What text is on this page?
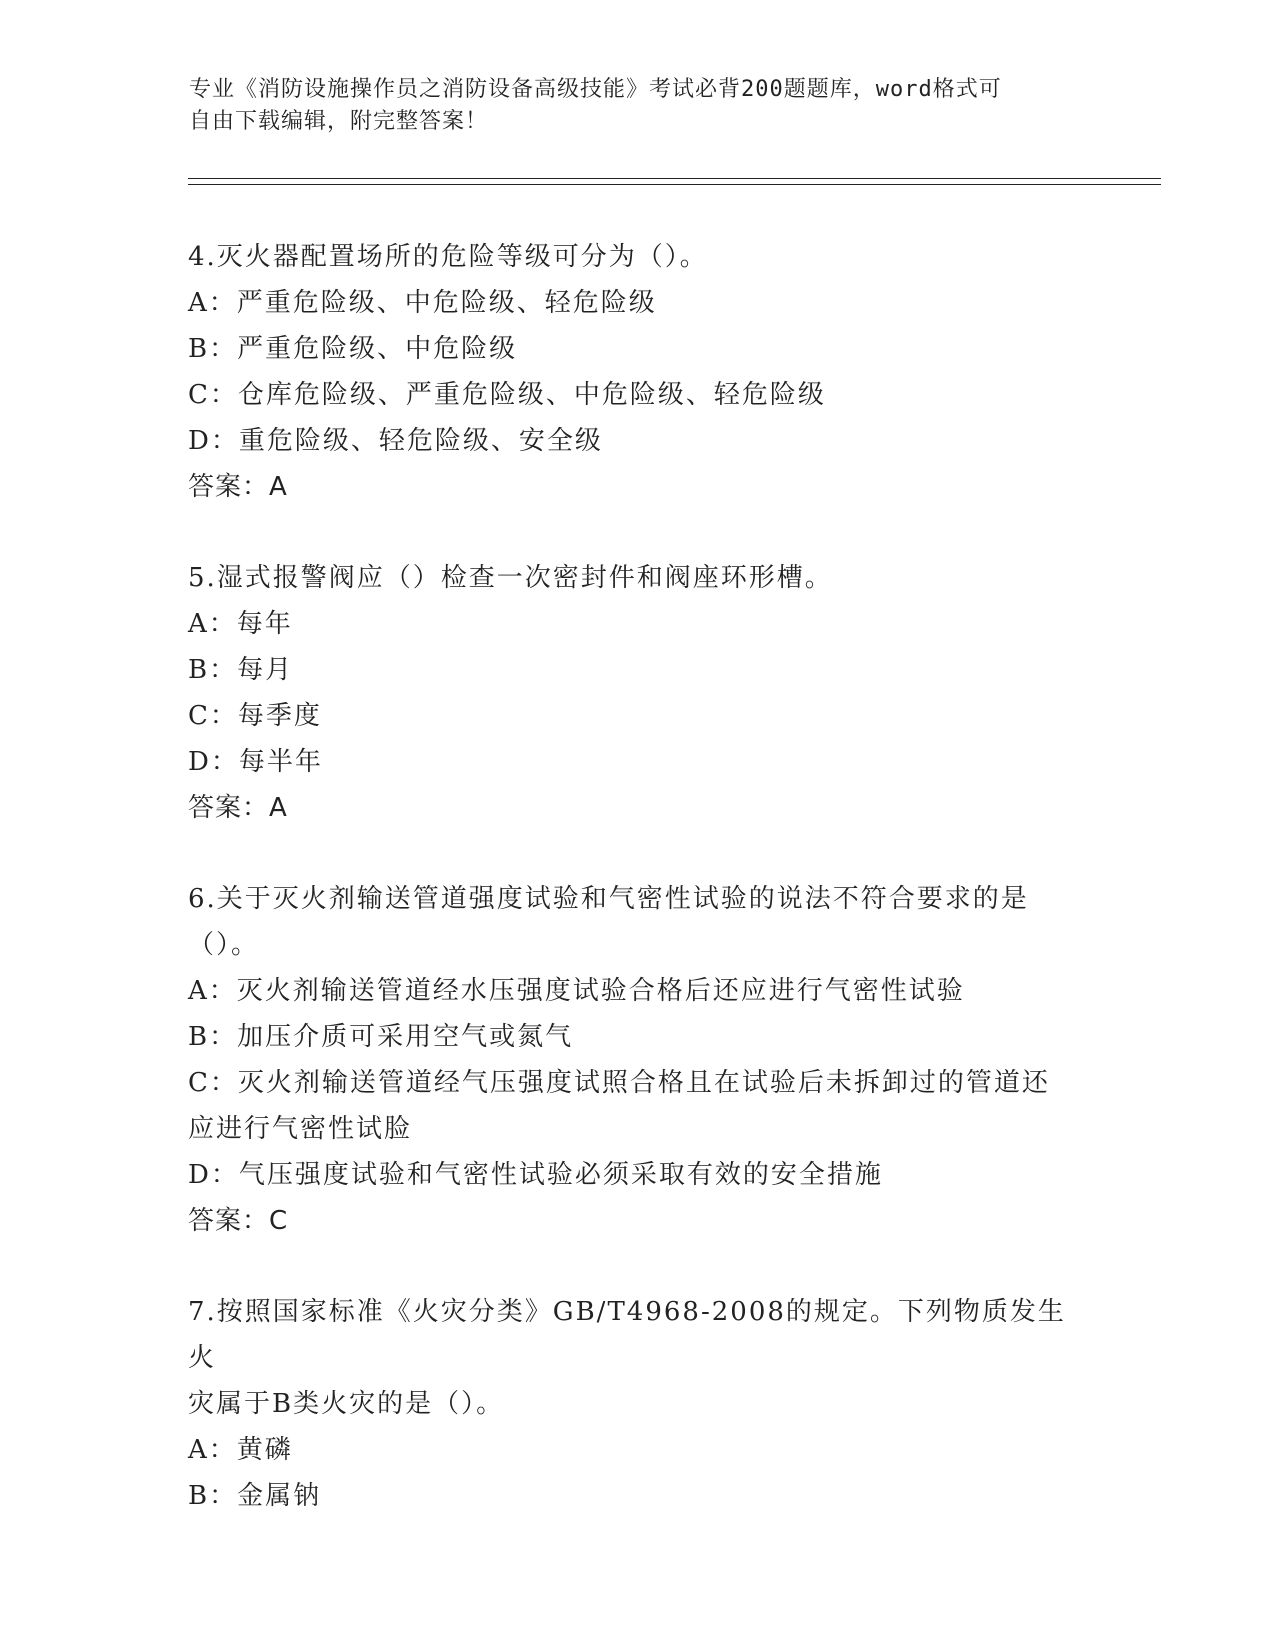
专业《消防设施操作员之消防设备高级技能》考试必背200题题库，word格式可
自由下载编辑，附完整答案！
4.灭火器配置场所的危险等级可分为（）。
A：严重危险级、中危险级、轻危险级
B：严重危险级、中危险级
C：仓库危险级、严重危险级、中危险级、轻危险级
D：重危险级、轻危险级、安全级
答案：A
5.湿式报警阀应（）检查一次密封件和阀座环形槽。
A：每年
B：每月
C：每季度
D：每半年
答案：A
6.关于灭火剂输送管道强度试验和气密性试验的说法不符合要求的是
（）。
A：灭火剂输送管道经水压强度试验合格后还应进行气密性试验
B：加压介质可采用空气或氮气
C：灭火剂输送管道经气压强度试照合格且在试验后未拆卸过的管道还
应进行气密性试脸
D：气压强度试验和气密性试验必须采取有效的安全措施
答案：C
7.按照国家标准《火灾分类》GB/T4968-2008的规定。下列物质发生火
灾属于B类火灾的是（）。
A：黄磷
B：金属钠
